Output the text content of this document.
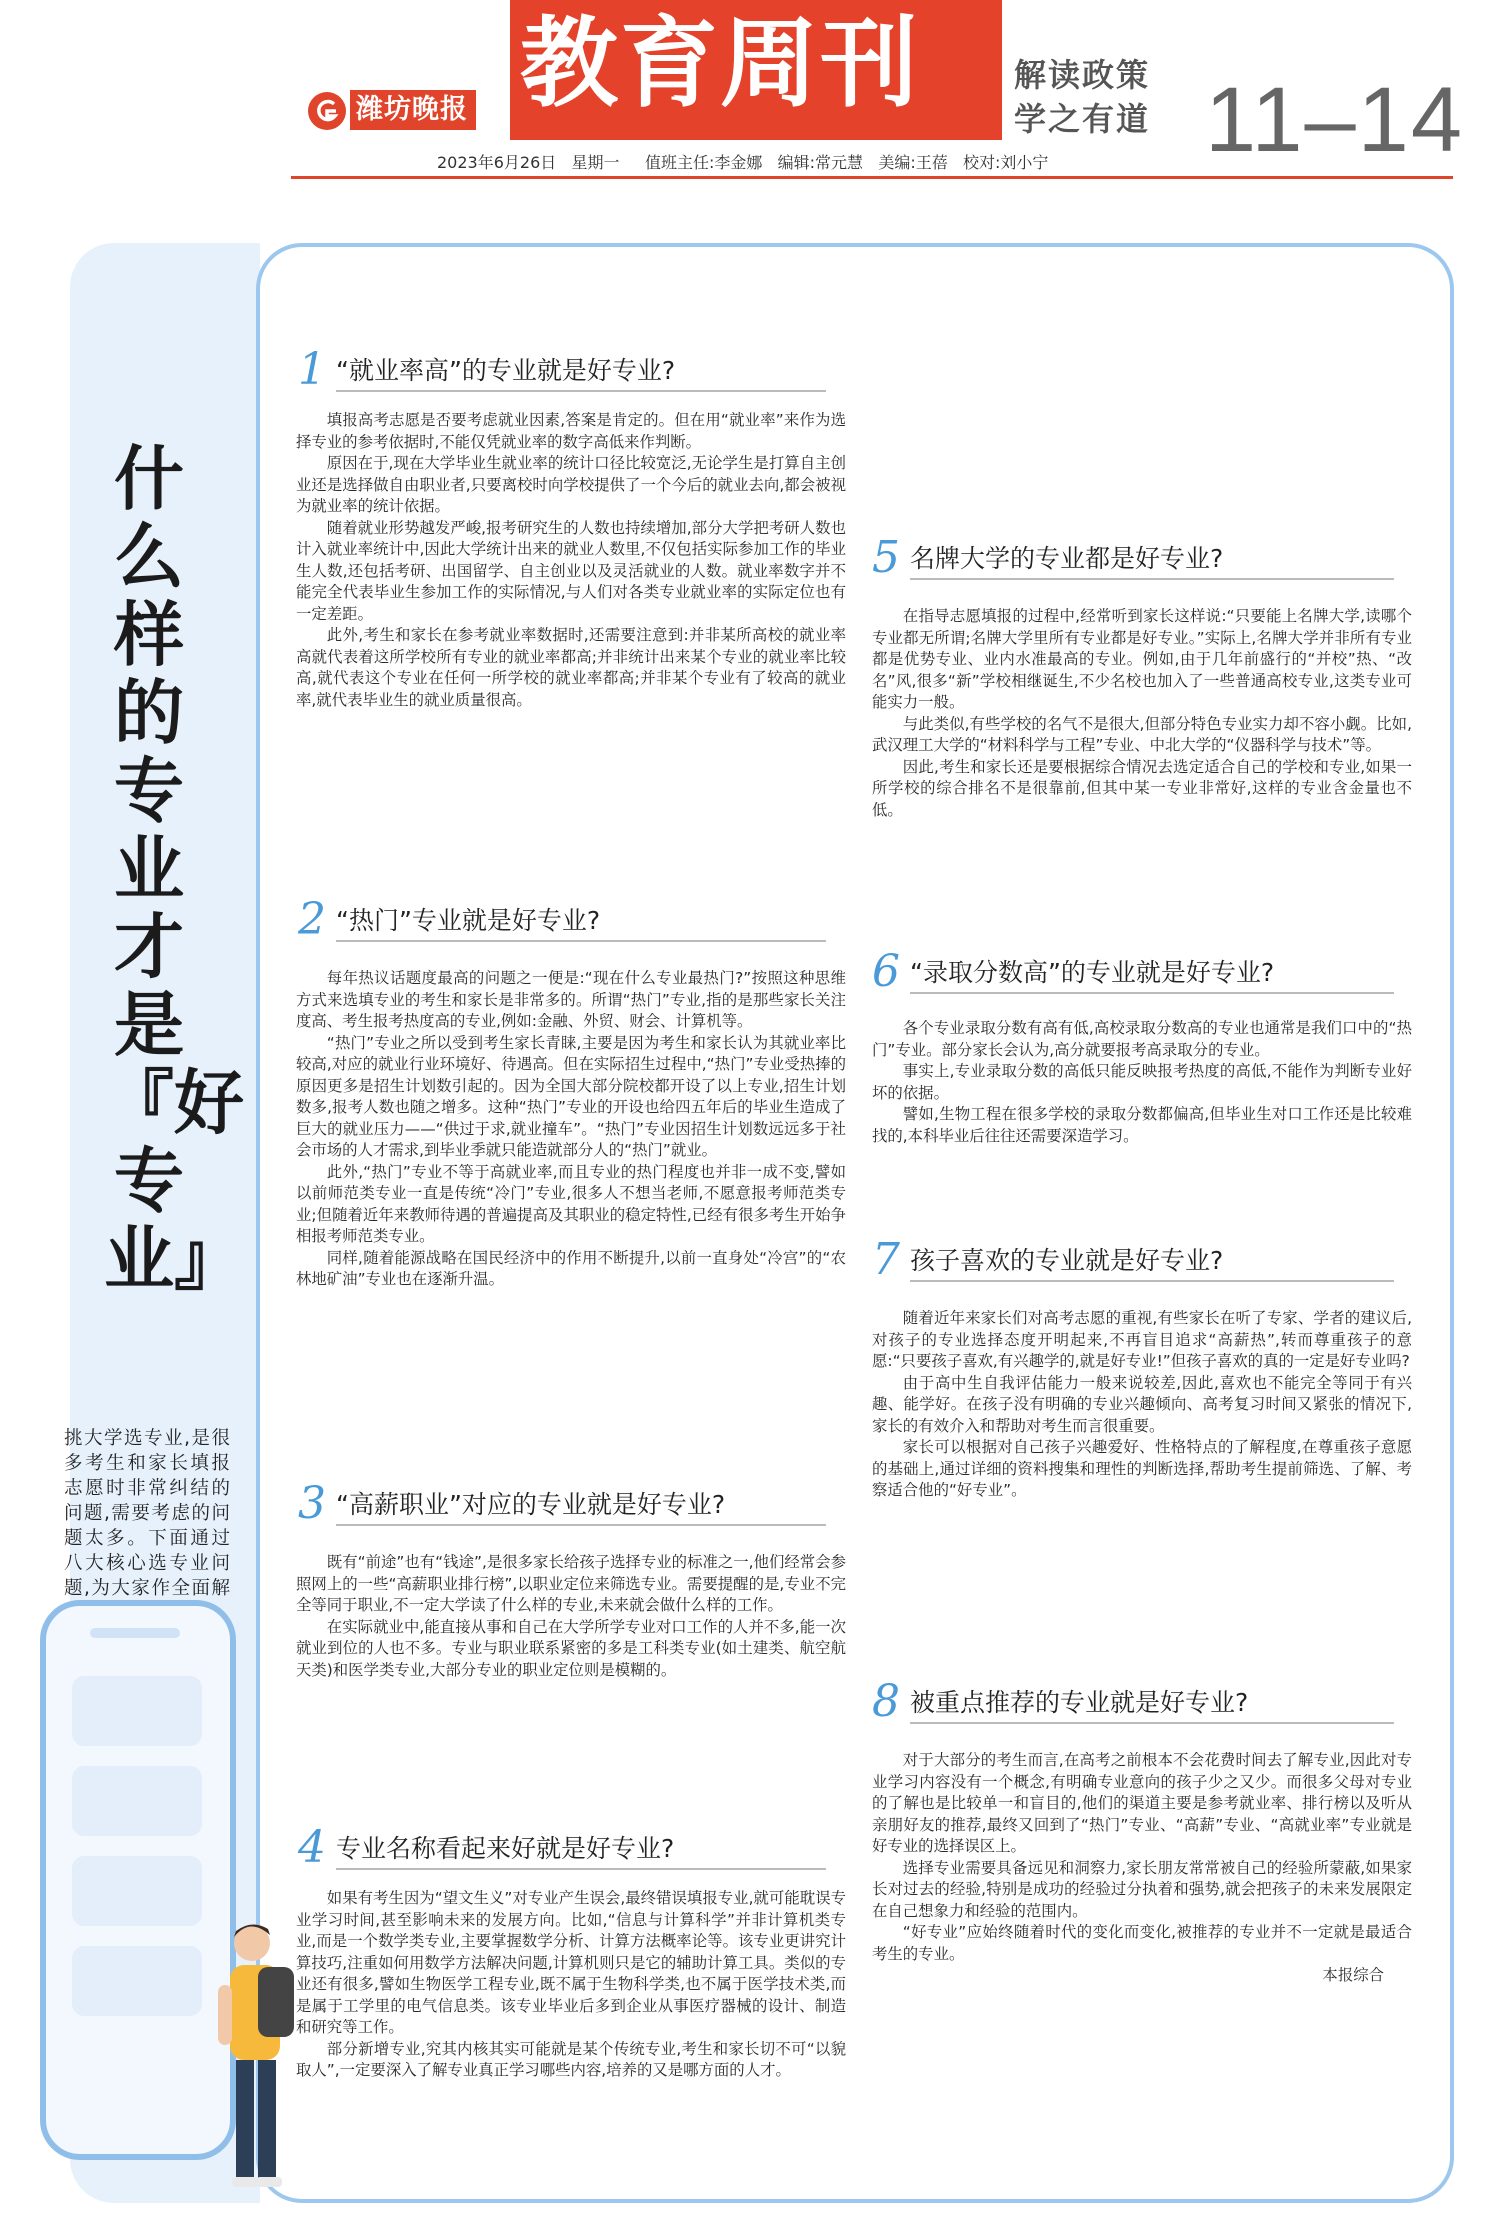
潍坊晚报 教育周刊	解读政策
学之有道 11–14
2023年6月26日 星期一 值班主任:李金娜 编辑:常元慧 美编:王蓓 校对:刘小宁
什么样的专业才是『好专业』
挑大学选专业,是很多考生和家长填报志愿时非常纠结的问题,需要考虑的问题太多。下面通过八大核心选专业问题,为大家作全面解
1 “就业率高”的专业就是好专业?

填报高考志愿是否要考虑就业因素,答案是肯定的。但在用“就业率”来作为选择专业的参考依据时,不能仅凭就业率的数字高低来作判断。

原因在于,现在大学毕业生就业率的统计口径比较宽泛,无论学生是打算自主创业还是选择做自由职业者,只要离校时向学校提供了一个今后的就业去向,都会被视为就业率的统计依据。

随着就业形势越发严峻,报考研究生的人数也持续增加,部分大学把考研人数也计入就业率统计中,因此大学统计出来的就业人数里,不仅包括实际参加工作的毕业生人数,还包括考研、出国留学、自主创业以及灵活就业的人数。就业率数字并不能完全代表毕业生参加工作的实际情况,与人们对各类专业就业率的实际定位也有一定差距。

此外,考生和家长在参考就业率数据时,还需要注意到:并非某所高校的就业率高就代表着这所学校所有专业的就业率都高;并非统计出来某个专业的就业率比较高,就代表这个专业在任何一所学校的就业率都高;并非某个专业有了较高的就业率,就代表毕业生的就业质量很高。

2 “热门”专业就是好专业?

每年热议话题度最高的问题之一便是:“现在什么专业最热门?”按照这种思维方式来选填专业的考生和家长是非常多的。所谓“热门”专业,指的是那些家长关注度高、考生报考热度高的专业,例如:金融、外贸、财会、计算机等。

“热门”专业之所以受到考生家长青睐,主要是因为考生和家长认为其就业率比较高,对应的就业行业环境好、待遇高。但在实际招生过程中,“热门”专业受热捧的原因更多是招生计划数引起的。因为全国大部分院校都开设了以上专业,招生计划数多,报考人数也随之增多。这种“热门”专业的开设也给四五年后的毕业生造成了巨大的就业压力——“供过于求,就业撞车”。“热门”专业因招生计划数远远多于社会市场的人才需求,到毕业季就只能造就部分人的“热门”就业。

此外,“热门”专业不等于高就业率,而且专业的热门程度也并非一成不变,譬如以前师范类专业一直是传统“冷门”专业,很多人不想当老师,不愿意报考师范类专业;但随着近年来教师待遇的普遍提高及其职业的稳定特性,已经有很多考生开始争相报考师范类专业。

同样,随着能源战略在国民经济中的作用不断提升,以前一直身处“冷宫”的“农林地矿油”专业也在逐渐升温。

3 “高薪职业”对应的专业就是好专业?

既有“前途”也有“钱途”,是很多家长给孩子选择专业的标准之一,他们经常会参照网上的一些“高薪职业排行榜”,以职业定位来筛选专业。需要提醒的是,专业不完全等同于职业,不一定大学读了什么样的专业,未来就会做什么样的工作。

在实际就业中,能直接从事和自己在大学所学专业对口工作的人并不多,能一次就业到位的人也不多。专业与职业联系紧密的多是工科类专业(如土建类、航空航天类)和医学类专业,大部分专业的职业定位则是模糊的。

4 专业名称看起来好就是好专业?

如果有考生因为“望文生义”对专业产生误会,最终错误填报专业,就可能耽误专业学习时间,甚至影响未来的发展方向。比如,“信息与计算科学”并非计算机类专业,而是一个数学类专业,主要掌握数学分析、计算方法概率论等。该专业更讲究计算技巧,注重如何用数学方法解决问题,计算机则只是它的辅助计算工具。类似的专业还有很多,譬如生物医学工程专业,既不属于生物科学类,也不属于医学技术类,而是属于工学里的电气信息类。该专业毕业后多到企业从事医疗器械的设计、制造和研究等工作。

部分新增专业,究其内核其实可能就是某个传统专业,考生和家长切不可“以貌取人”,一定要深入了解专业真正学习哪些内容,培养的又是哪方面的人才。

5 名牌大学的专业都是好专业?

在指导志愿填报的过程中,经常听到家长这样说:“只要能上名牌大学,读哪个专业都无所谓;名牌大学里所有专业都是好专业。”实际上,名牌大学并非所有专业都是优势专业、业内水准最高的专业。例如,由于几年前盛行的“并校”热、“改名”风,很多“新”学校相继诞生,不少名校也加入了一些普通高校专业,这类专业可能实力一般。

与此类似,有些学校的名气不是很大,但部分特色专业实力却不容小觑。比如,武汉理工大学的“材料科学与工程”专业、中北大学的“仪器科学与技术”等。

因此,考生和家长还是要根据综合情况去选定适合自己的学校和专业,如果一所学校的综合排名不是很靠前,但其中某一专业非常好,这样的专业含金量也不低。

6 “录取分数高”的专业就是好专业?

各个专业录取分数有高有低,高校录取分数高的专业也通常是我们口中的“热门”专业。部分家长会认为,高分就要报考高录取分的专业。

事实上,专业录取分数的高低只能反映报考热度的高低,不能作为判断专业好坏的依据。

譬如,生物工程在很多学校的录取分数都偏高,但毕业生对口工作还是比较难找的,本科毕业后往往还需要深造学习。

7 孩子喜欢的专业就是好专业?

随着近年来家长们对高考志愿的重视,有些家长在听了专家、学者的建议后,对孩子的专业选择态度开明起来,不再盲目追求“高薪热”,转而尊重孩子的意愿:“只要孩子喜欢,有兴趣学的,就是好专业!”但孩子喜欢的真的一定是好专业吗?

由于高中生自我评估能力一般来说较差,因此,喜欢也不能完全等同于有兴趣、能学好。在孩子没有明确的专业兴趣倾向、高考复习时间又紧张的情况下,家长的有效介入和帮助对考生而言很重要。

家长可以根据对自己孩子兴趣爱好、性格特点的了解程度,在尊重孩子意愿的基础上,通过详细的资料搜集和理性的判断选择,帮助考生提前筛选、了解、考察适合他的“好专业”。

8 被重点推荐的专业就是好专业?

对于大部分的考生而言,在高考之前根本不会花费时间去了解专业,因此对专业学习内容没有一个概念,有明确专业意向的孩子少之又少。而很多父母对专业的了解也是比较单一和盲目的,他们的渠道主要是参考就业率、排行榜以及听从亲朋好友的推荐,最终又回到了“热门”专业、“高薪”专业、“高就业率”专业就是好专业的选择误区上。

选择专业需要具备远见和洞察力,家长朋友常常被自己的经验所蒙蔽,如果家长对过去的经验,特别是成功的经验过分执着和强势,就会把孩子的未来发展限定在自己想象力和经验的范围内。

“好专业”应始终随着时代的变化而变化,被推荐的专业并不一定就是最适合考生的专业。

本报综合
